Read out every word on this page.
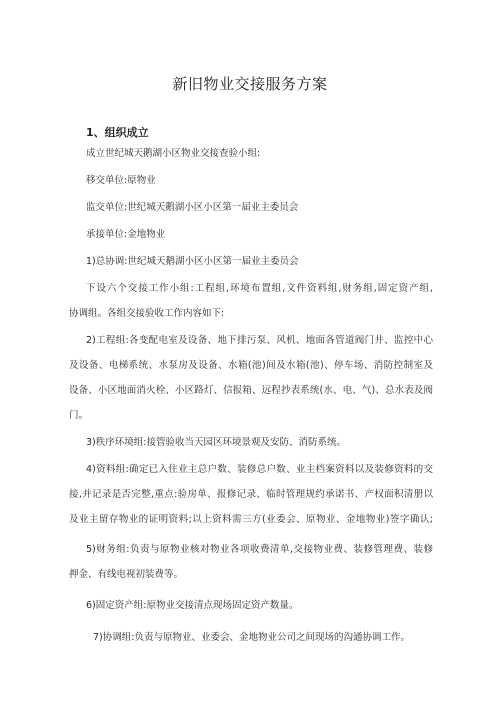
新旧物业交接服务方案
1、组织成立
成立世纪城天鹅湖小区物业交接查验小组:
移交单位:原物业
监交单位:世纪城天鹅湖小区小区第一届业主委员会
承接单位:金地物业
1)总协调:世纪城天鹅湖小区小区第一届业主委员会
下设六个交接工作小组:工程组,环境布置组,文件资料组,财务组,固定资产组,
协调组。各组交接验收工作内容如下:
2)工程组:各变配电室及设备、地下排污泵、风机、地面各管道阀门井、监控中心
及设备、电梯系统、水泵房及设备、水箱(池)间及水箱(池)、停车场、消防控制室及
设备、小区地面消火栓、小区路灯、信报箱、远程抄表系统(水、电、气)、总水表及阀
门。
3)秩序环境组:接管验收当天园区环境景观及安防、消防系统。
4)资料组:确定已入住业主总户数、装修总户数、业主档案资料以及装修资料的交
接,并记录是否完整,重点:验房单、报修记录、临时管理规约承诺书、产权面积清册以
及业主留存物业的证明资料;以上资料需三方(业委会、原物业、金地物业)签字确认;
5)财务组:负责与原物业核对物业各项收费清单,交接物业费、装修管理费、装修
押金、有线电视初装费等。
6)固定资产组:原物业交接清点现场固定资产数量。
7)协调组:负责与原物业、业委会、金地物业公司之间现场的沟通协调工作。
